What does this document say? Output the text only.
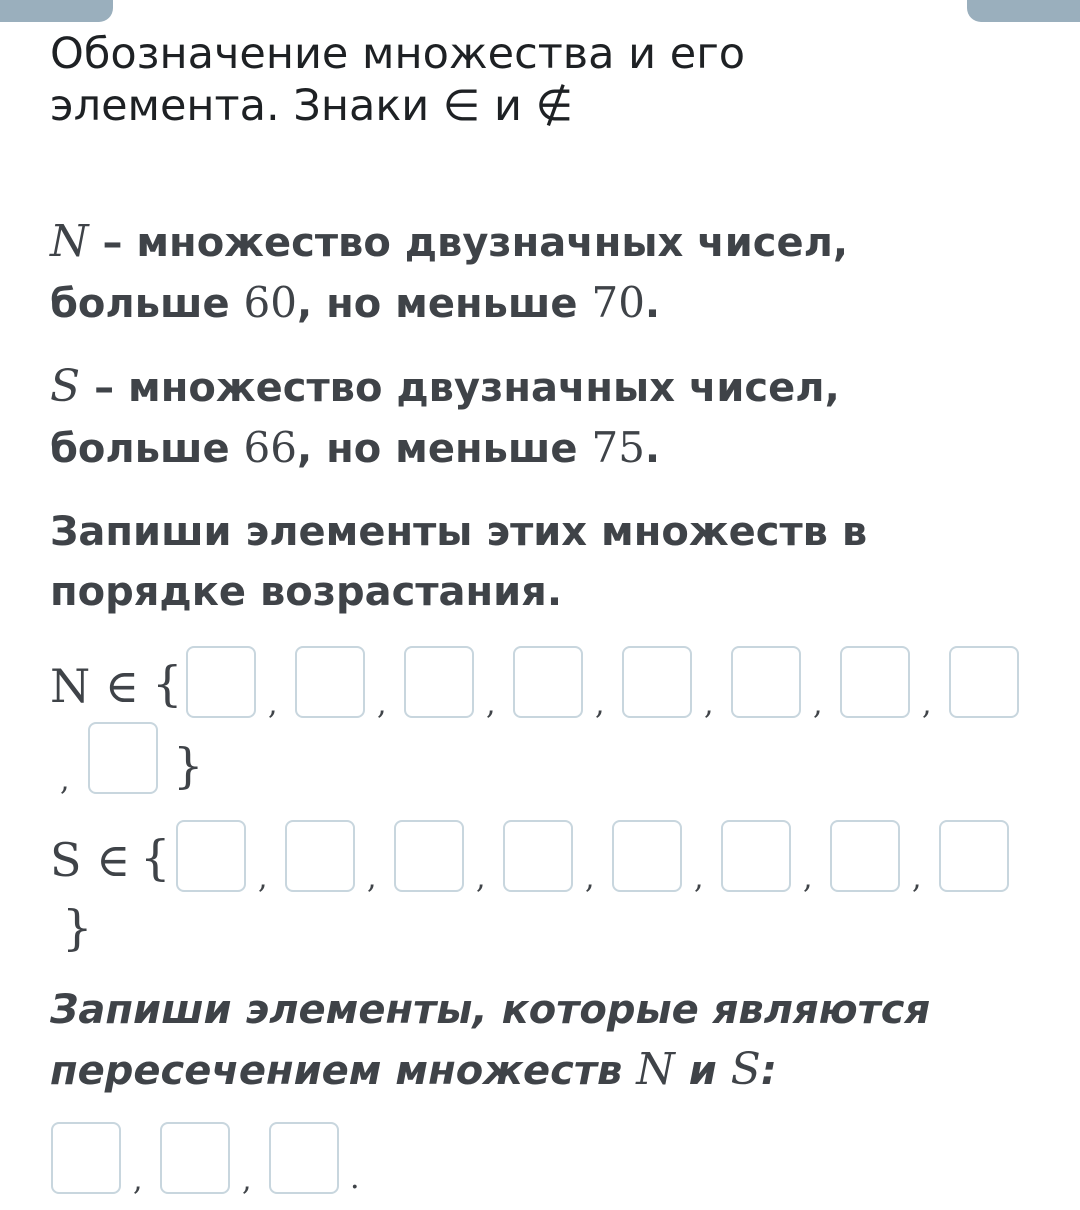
Обозначение множества и его
элемента. Знаки ∈ и ∉
N – множество двузначных чисел,
больше 60, но меньше 70.
S – множество двузначных чисел,
больше 66, но меньше 75.
Запиши элементы этих множеств в
порядке возрастания.
N ∈ {
}
,	,	,	,	,	,	,
,
S ∈ {
}
,	,	,	,	,	,	,
Запиши элементы, которые являются
пересечением множеств N и S:
,	,	.
